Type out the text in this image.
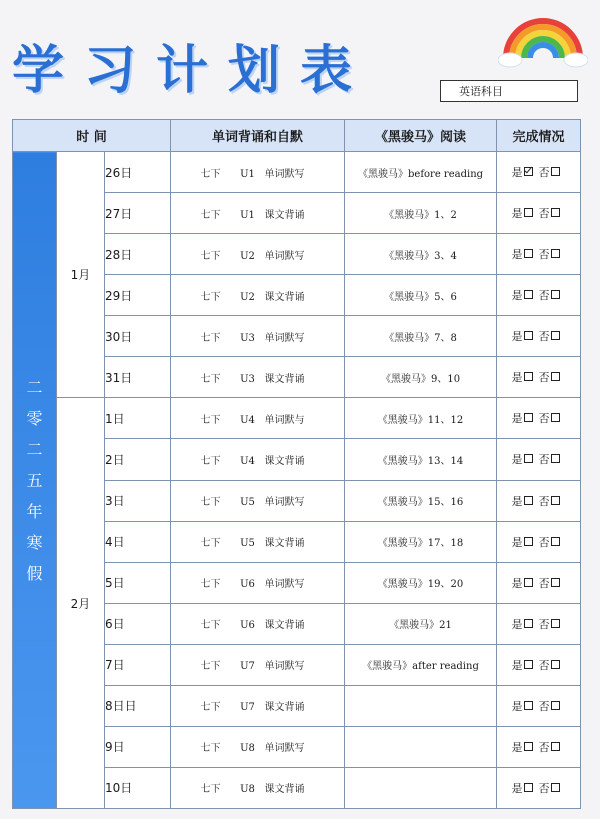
学习计划表	英语科目
时 间			单词背诵和自默	《黑骏马》阅读	完成情况
二零二五年寒假	1月	26日	七下 U1 单词默写	《黑骏马》before reading	是 否
		27日	七下 U1 课文背诵	《黑骏马》1、2	是 否
		28日	七下 U2 单词默写	《黑骏马》3、4	是 否
		29日	七下 U2 课文背诵	《黑骏马》5、6	是 否
		30日	七下 U3 单词默写	《黑骏马》7、8	是 否
		31日	七下 U3 课文背诵	《黑骏马》9、10	是 否
	2月	1日	七下 U4 单词默与	《黑骏马》11、12	是 否
		2日	七下 U4 课文背诵	《黑骏马》13、14	是 否
		3日	七下 U5 单词默写	《黑骏马》15、16	是 否
		4日	七下 U5 课文背诵	《黑骏马》17、18	是 否
		5日	七下 U6 单词默写	《黑骏马》19、20	是 否
		6日	七下 U6 课文背诵	《黑骏马》21	是 否
		7日	七下 U7 单词默写	《黑骏马》after reading	是 否
		8日日	七下 U7 课文背诵		是 否
		9日	七下 U8 单词默写		是 否
		10日	七下 U8 课文背诵		是 否
